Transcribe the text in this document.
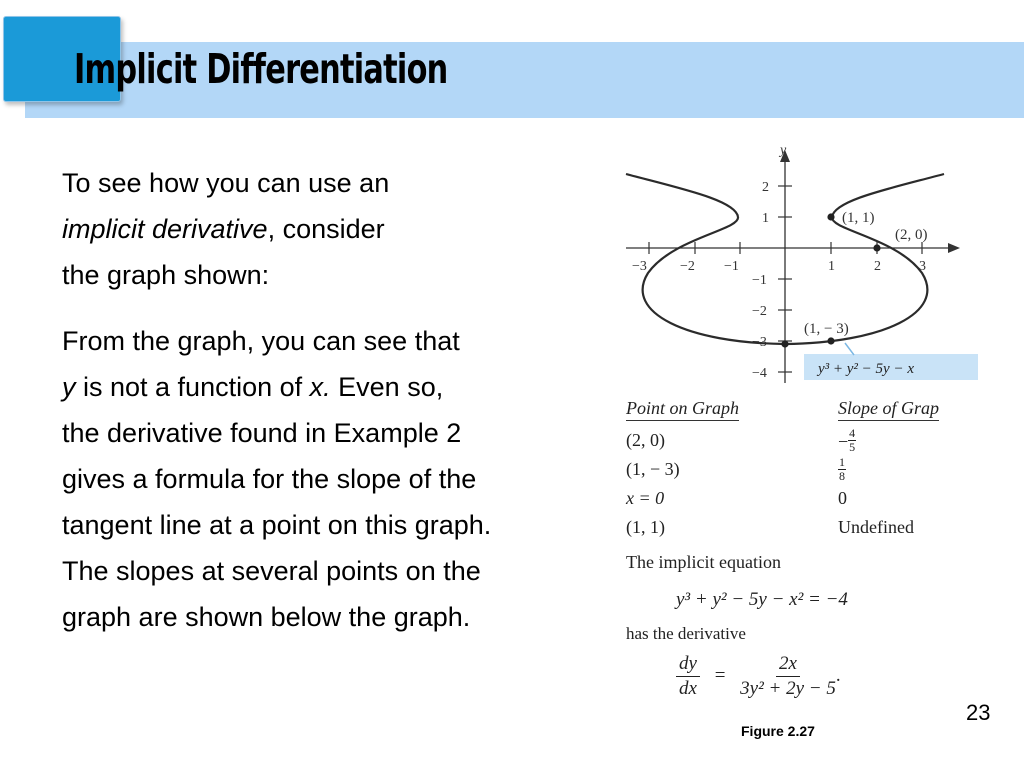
Implicit Differentiation

To see how you can use an
implicit derivative, consider
the graph shown:

From the graph, you can see that
y is not a function of x. Even so,
the derivative found in Example 2
gives a formula for the slope of the
tangent line at a point on this graph.
The slopes at several points on the
graph are shown below the graph.

y
−3 −2 −1	1	2	3
2
1
−1
−2
−3
−4
(1, 1)
(2, 0)
(1, − 3)
y³ + y² − 5y − x
Point on Graph	Slope of Grap
(2, 0)	− $\frac{4}{5}$
(1, − 3)	$\frac{1}{8}$
x = 0	0
(1, 1)	Undefined
The implicit equation
y³ + y² − 5y − x² = −4
has the derivative
$\frac{dy}{dx} = \frac{2x}{\text{3y² + 2y − 5}}$ .
Figure 2.27
23
